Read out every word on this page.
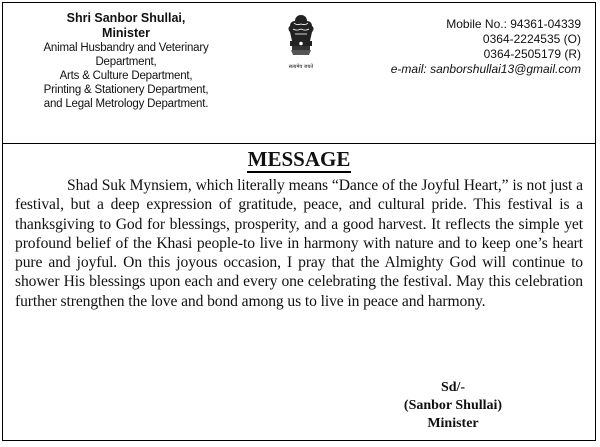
Shri Sanbor Shullai,
Minister
Animal Husbandry and Veterinary
Department,
Arts & Culture Department,
Printing & Stationery Department,
and Legal Metrology Department.
सत्यमेव जयते
Mobile No.: 94361-04339
0364-2224535 (O)
0364-2505179 (R)
e-mail: sanborshullai13@gmail.com
MESSAGE
Shad Suk Mynsiem, which literally means “Dance of the Joyful Heart,” is not just a festival, but a deep expression of gratitude, peace, and cultural pride. This festival is a thanksgiving to God for blessings, prosperity, and a good harvest. It reflects the simple yet profound belief of the Khasi people-to live in harmony with nature and to keep one’s heart pure and joyful. On this joyous occasion, I pray that the Almighty God will continue to shower His blessings upon each and every one celebrating the festival. May this celebration further strengthen the love and bond among us to live in peace and harmony.
Sd/-
(Sanbor Shullai)
Minister
